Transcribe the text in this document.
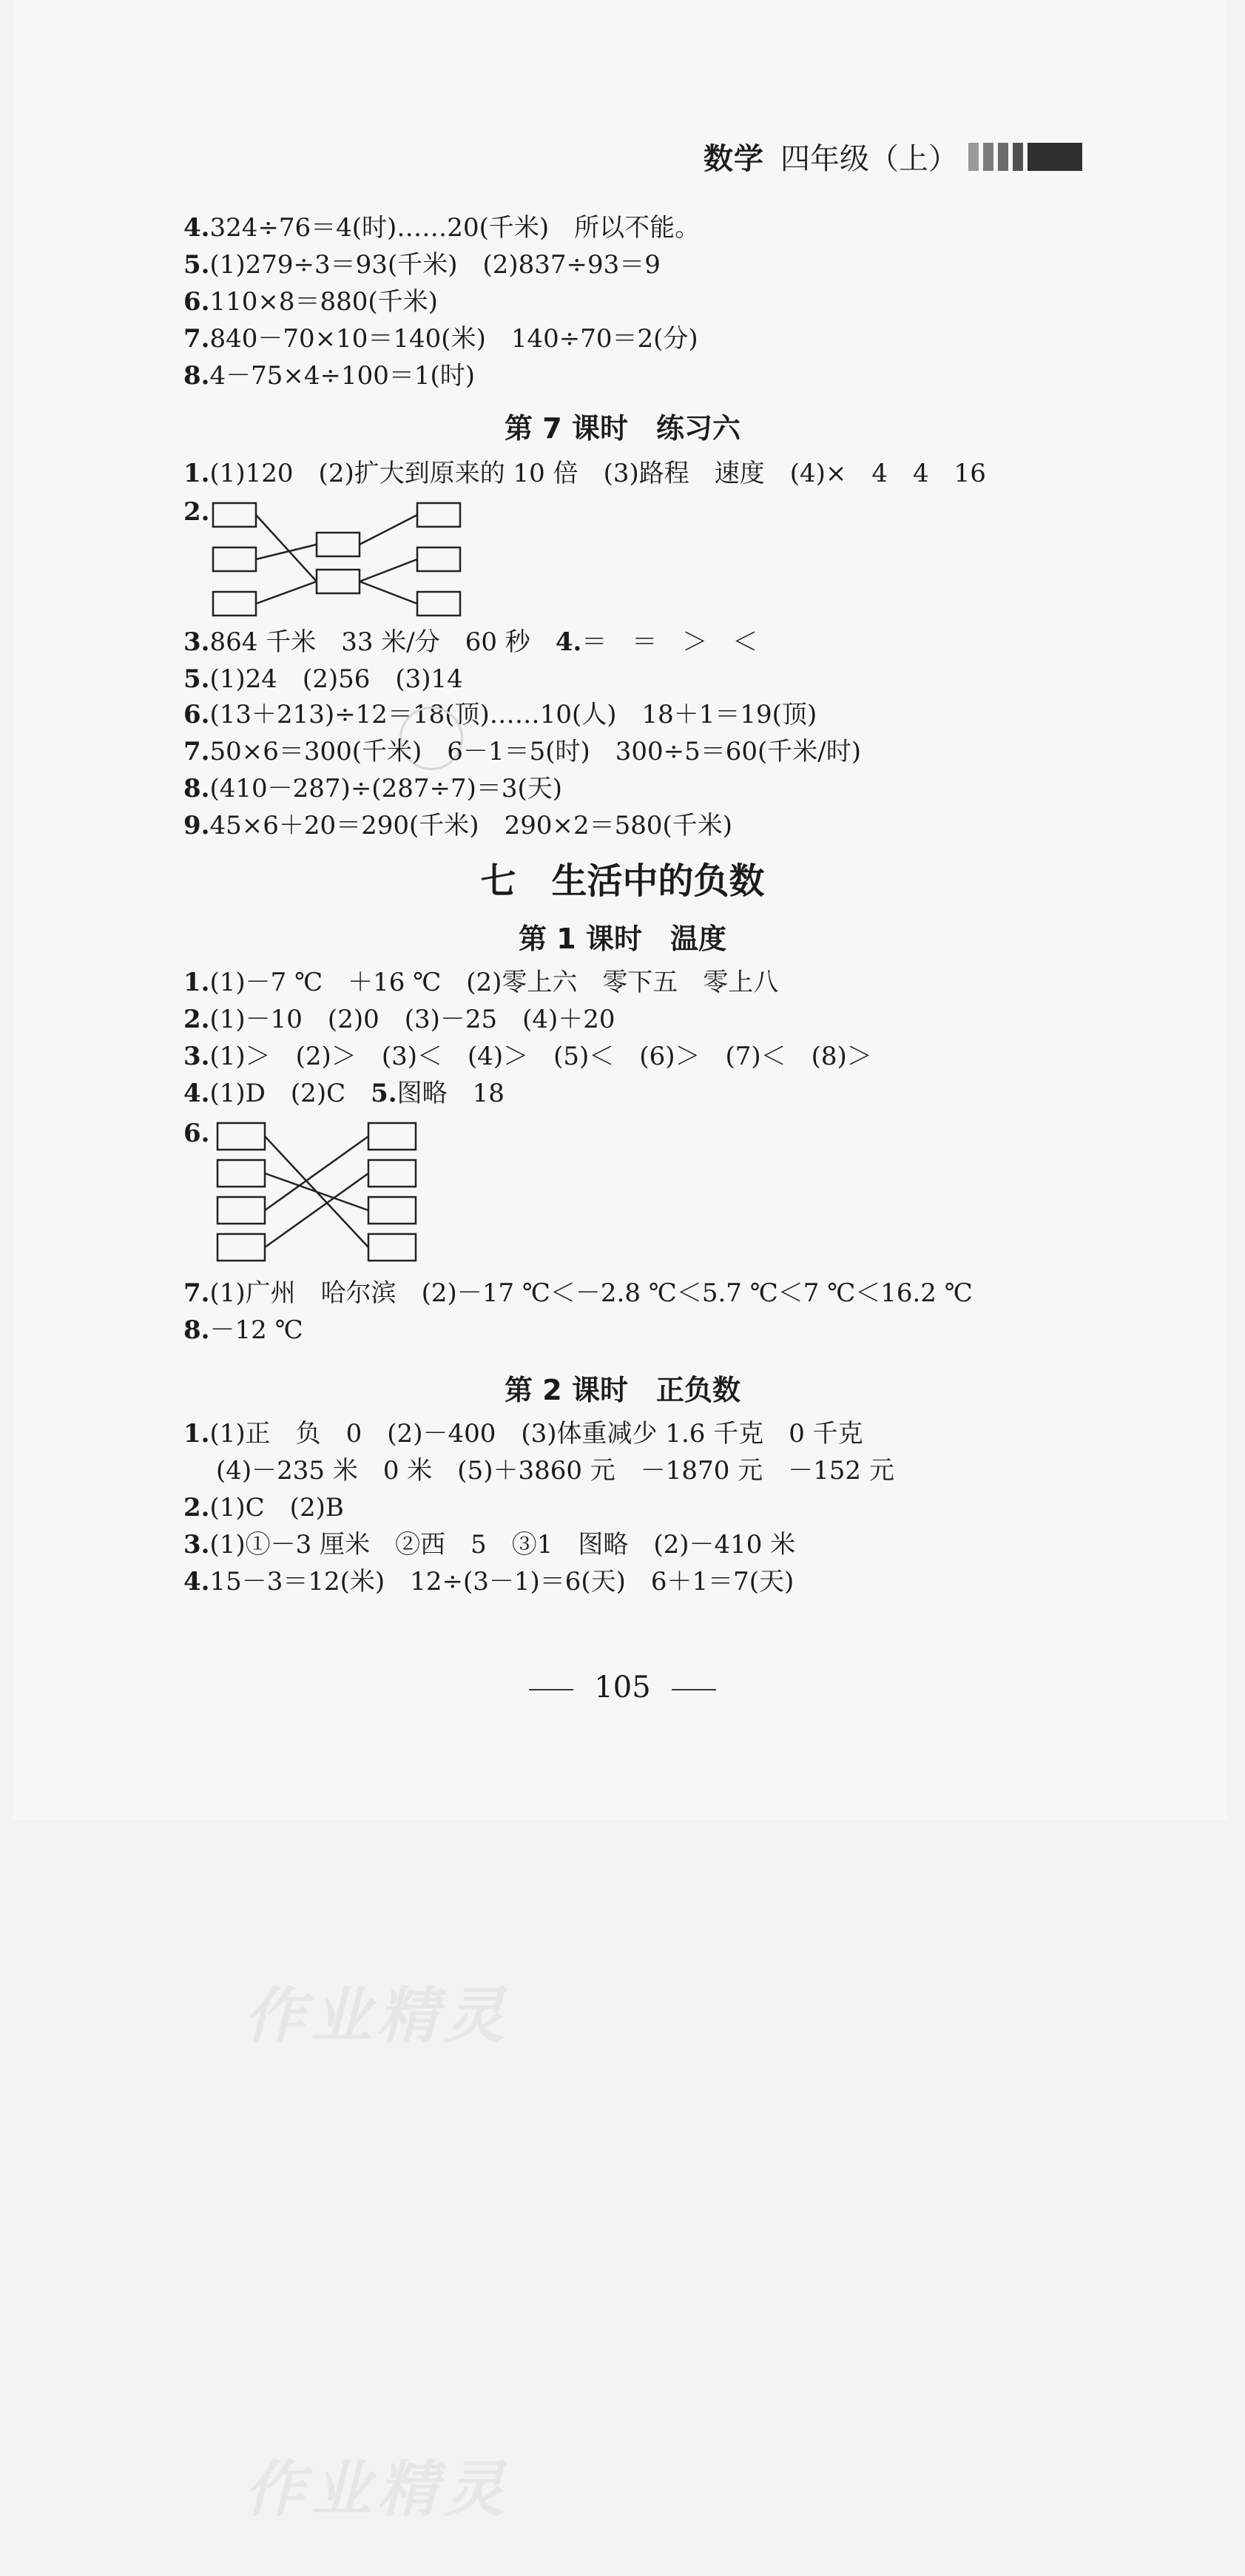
数学 四年级（上）
4.324÷76＝4(时)……20(千米)　所以不能。
5.(1)279÷3＝93(千米)　(2)837÷93＝9
6.110×8＝880(千米)
7.840－70×10＝140(米)　140÷70＝2(分)
8.4－75×4÷100＝1(时)
第 7 课时　练习六
1.(1)120　(2)扩大到原来的 10 倍　(3)路程　速度　(4)×　4　4　16
2.
3.864 千米　33 米/分　60 秒　4.＝　＝　＞　＜
5.(1)24　(2)56　(3)14
6.(13＋213)÷12＝18(顶)……10(人)　18＋1＝19(顶)
7.50×6＝300(千米)　6－1＝5(时)　300÷5＝60(千米/时)
8.(410－287)÷(287÷7)＝3(天)
9.45×6＋20＝290(千米)　290×2＝580(千米)
七　生活中的负数
第 1 课时　温度
1.(1)－7 ℃　＋16 ℃　(2)零上六　零下五　零上八
2.(1)－10　(2)0　(3)－25　(4)＋20
3.(1)＞　(2)＞　(3)＜　(4)＞　(5)＜　(6)＞　(7)＜　(8)＞
4.(1)D　(2)C　5.图略　18
6.
7.(1)广州　哈尔滨　(2)－17 ℃＜－2.8 ℃＜5.7 ℃＜7 ℃＜16.2 ℃
8.－12 ℃
第 2 课时　正负数
1.(1)正　负　0　(2)－400　(3)体重减少 1.6 千克　0 千克
(4)－235 米　0 米　(5)＋3860 元　－1870 元　－152 元
2.(1)C　(2)B
3.(1)①－3 厘米　②西　5　③1　图略　(2)－410 米
4.15－3＝12(米)　12÷(3－1)＝6(天)　6＋1＝7(天)
105
作业精灵
作业精灵
